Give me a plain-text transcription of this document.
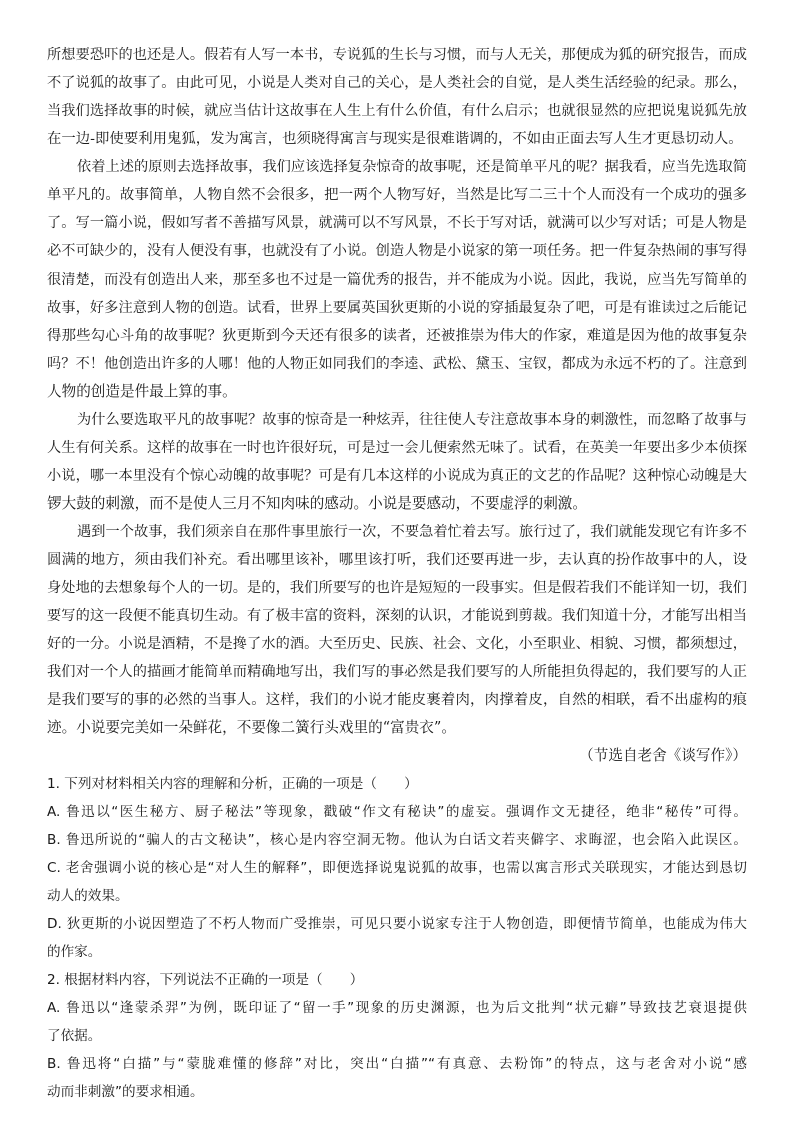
所想要恐吓的也还是人。假若有人写一本书，专说狐的生长与习惯，而与人无关，那便成为狐的研究报告，而成
不了说狐的故事了。由此可见，小说是人类对自己的关心，是人类社会的自觉，是人类生活经验的纪录。那么，
当我们选择故事的时候，就应当估计这故事在人生上有什么价值，有什么启示；也就很显然的应把说鬼说狐先放
在一边-即使要利用鬼狐，发为寓言，也须晓得寓言与现实是很难谐调的，不如由正面去写人生才更恳切动人。
依着上述的原则去选择故事，我们应该选择复杂惊奇的故事呢，还是简单平凡的呢？据我看，应当先选取简
单平凡的。故事简单，人物自然不会很多，把一两个人物写好，当然是比写二三十个人而没有一个成功的强多
了。写一篇小说，假如写者不善描写风景，就满可以不写风景，不长于写对话，就满可以少写对话；可是人物是
必不可缺少的，没有人便没有事，也就没有了小说。创造人物是小说家的第一项任务。把一件复杂热闹的事写得
很清楚，而没有创造出人来，那至多也不过是一篇优秀的报告，并不能成为小说。因此，我说，应当先写简单的
故事，好多注意到人物的创造。试看，世界上要属英国狄更斯的小说的穿插最复杂了吧，可是有谁读过之后能记
得那些勾心斗角的故事呢？狄更斯到今天还有很多的读者，还被推崇为伟大的作家，难道是因为他的故事复杂
吗？不！他创造出许多的人哪！他的人物正如同我们的李逵、武松、黛玉、宝钗，都成为永远不朽的了。注意到
人物的创造是件最上算的事。
为什么要选取平凡的故事呢？故事的惊奇是一种炫弄，往往使人专注意故事本身的刺激性，而忽略了故事与
人生有何关系。这样的故事在一时也许很好玩，可是过一会儿便索然无味了。试看，在英美一年要出多少本侦探
小说，哪一本里没有个惊心动魄的故事呢？可是有几本这样的小说成为真正的文艺的作品呢？这种惊心动魄是大
锣大鼓的刺激，而不是使人三月不知肉味的感动。小说是要感动，不要虚浮的刺激。
遇到一个故事，我们须亲自在那件事里旅行一次，不要急着忙着去写。旅行过了，我们就能发现它有许多不
圆满的地方，须由我们补充。看出哪里该补，哪里该打听，我们还要再进一步，去认真的扮作故事中的人，设
身处地的去想象每个人的一切。是的，我们所要写的也许是短短的一段事实。但是假若我们不能详知一切，我们
要写的这一段便不能真切生动。有了极丰富的资料，深刻的认识，才能说到剪裁。我们知道十分，才能写出相当
好的一分。小说是酒精，不是搀了水的酒。大至历史、民族、社会、文化，小至职业、相貌、习惯，都须想过，
我们对一个人的描画才能简单而精确地写出，我们写的事必然是我们要写的人所能担负得起的，我们要写的人正
是我们要写的事的必然的当事人。这样，我们的小说才能皮裹着肉，肉撑着皮，自然的相联，看不出虚构的痕
迹。小说要完美如一朵鲜花，不要像二簧行头戏里的“富贵衣”。
（节选自老舍《谈写作》）
1. 下列对材料相关内容的理解和分析，正确的一项是（　　）
A. 鲁迅以“医生秘方、厨子秘法”等现象，戳破“作文有秘诀”的虚妄。强调作文无捷径，绝非“秘传”可得。
B. 鲁迅所说的“骗人的古文秘诀”，核心是内容空洞无物。他认为白话文若夹僻字、求晦涩，也会陷入此误区。
C. 老舍强调小说的核心是“对人生的解释”，即便选择说鬼说狐的故事，也需以寓言形式关联现实，才能达到恳切
动人的效果。
D. 狄更斯的小说因塑造了不朽人物而广受推崇，可见只要小说家专注于人物创造，即便情节简单，也能成为伟大
的作家。
2. 根据材料内容，下列说法不正确的一项是（　　）
A. 鲁迅以“逢蒙杀羿”为例，既印证了“留一手”现象的历史渊源，也为后文批判“状元癖”导致技艺衰退提供
了依据。
B. 鲁迅将“白描”与“蒙胧难懂的修辞”对比，突出“白描”“有真意、去粉饰”的特点，这与老舍对小说“感
动而非刺激”的要求相通。
